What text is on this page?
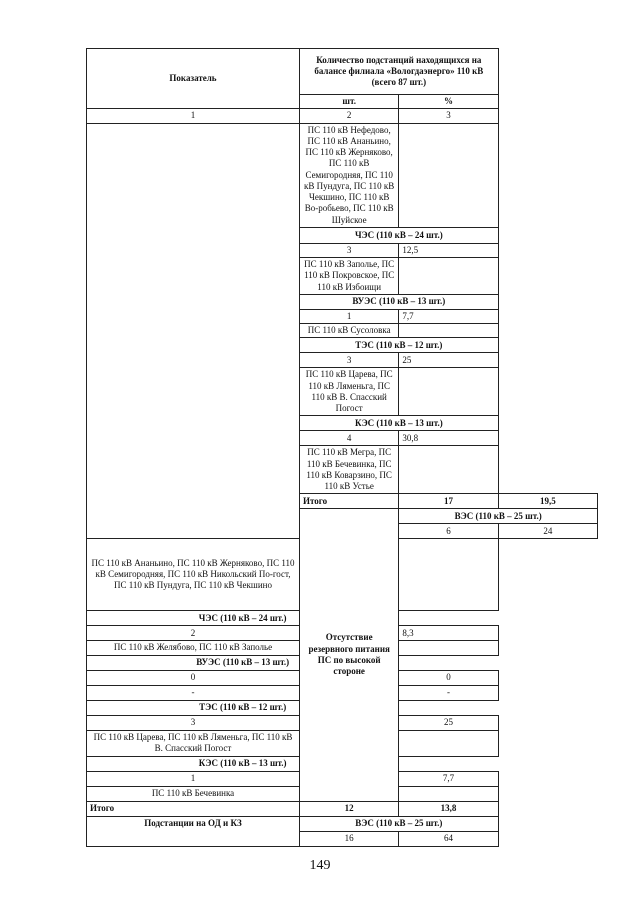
Показатель	Количество подстанций находящихся на балансе филиала «Вологдаэнерго» 110 кВ (всего 87 шт.)		
	шт.	%	
1	2	3	
	ПС 110 кВ Нефедово, ПС 110 кВ Ананьино, ПС 110 кВ Жерняково, ПС 110 кВ Семигородняя, ПС 110 кВ Пундуга, ПС 110 кВ Чекшино, ПС 110 кВ Во-робьево, ПС 110 кВ Шуйское		
	ЧЭС (110 кВ – 24 шт.)		
	3	12,5	
	ПС 110 кВ Заполье, ПС 110 кВ Покровское, ПС 110 кВ Избоищи		
	ВУЭС (110 кВ – 13 шт.)		
	1	7,7	
	ПС 110 кВ Сусоловка		
	ТЭС (110 кВ – 12 шт.)		
	3	25	
	ПС 110 кВ Царева, ПС 110 кВ Ляменьга, ПС 110 кВ В. Спасский Погост		
	КЭС (110 кВ – 13 шт.)		
	4	30,8	
	ПС 110 кВ Мегра, ПС 110 кВ Бечевинка, ПС 110 кВ Коварзино, ПС 110 кВ Устье		
	Итого	17	19,5
	Отсутствие резервного питания ПС по высокой стороне	ВЭС (110 кВ – 25 шт.)	
		6	24
ПС 110 кВ Ананьино, ПС 110 кВ Жерняково, ПС 110 кВ Семигородняя, ПС 110 кВ Никольский По-гост, ПС 110 кВ Пундуга, ПС 110 кВ Чекшино			
ЧЭС (110 кВ – 24 шт.)			
2		8,3	
ПС 110 кВ Желябово, ПС 110 кВ Заполье			
ВУЭС (110 кВ – 13 шт.)			
0		0	
-		-	
ТЭС (110 кВ – 12 шт.)			
3		25	
ПС 110 кВ Царева, ПС 110 кВ Ляменьга, ПС 110 кВ В. Спасский Погост			
КЭС (110 кВ – 13 шт.)			
1		7,7	
ПС 110 кВ Бечевинка			
Итого	12	13,8	
Подстанции на ОД и КЗ	ВЭС (110 кВ – 25 шт.)		
	16	64	
149
